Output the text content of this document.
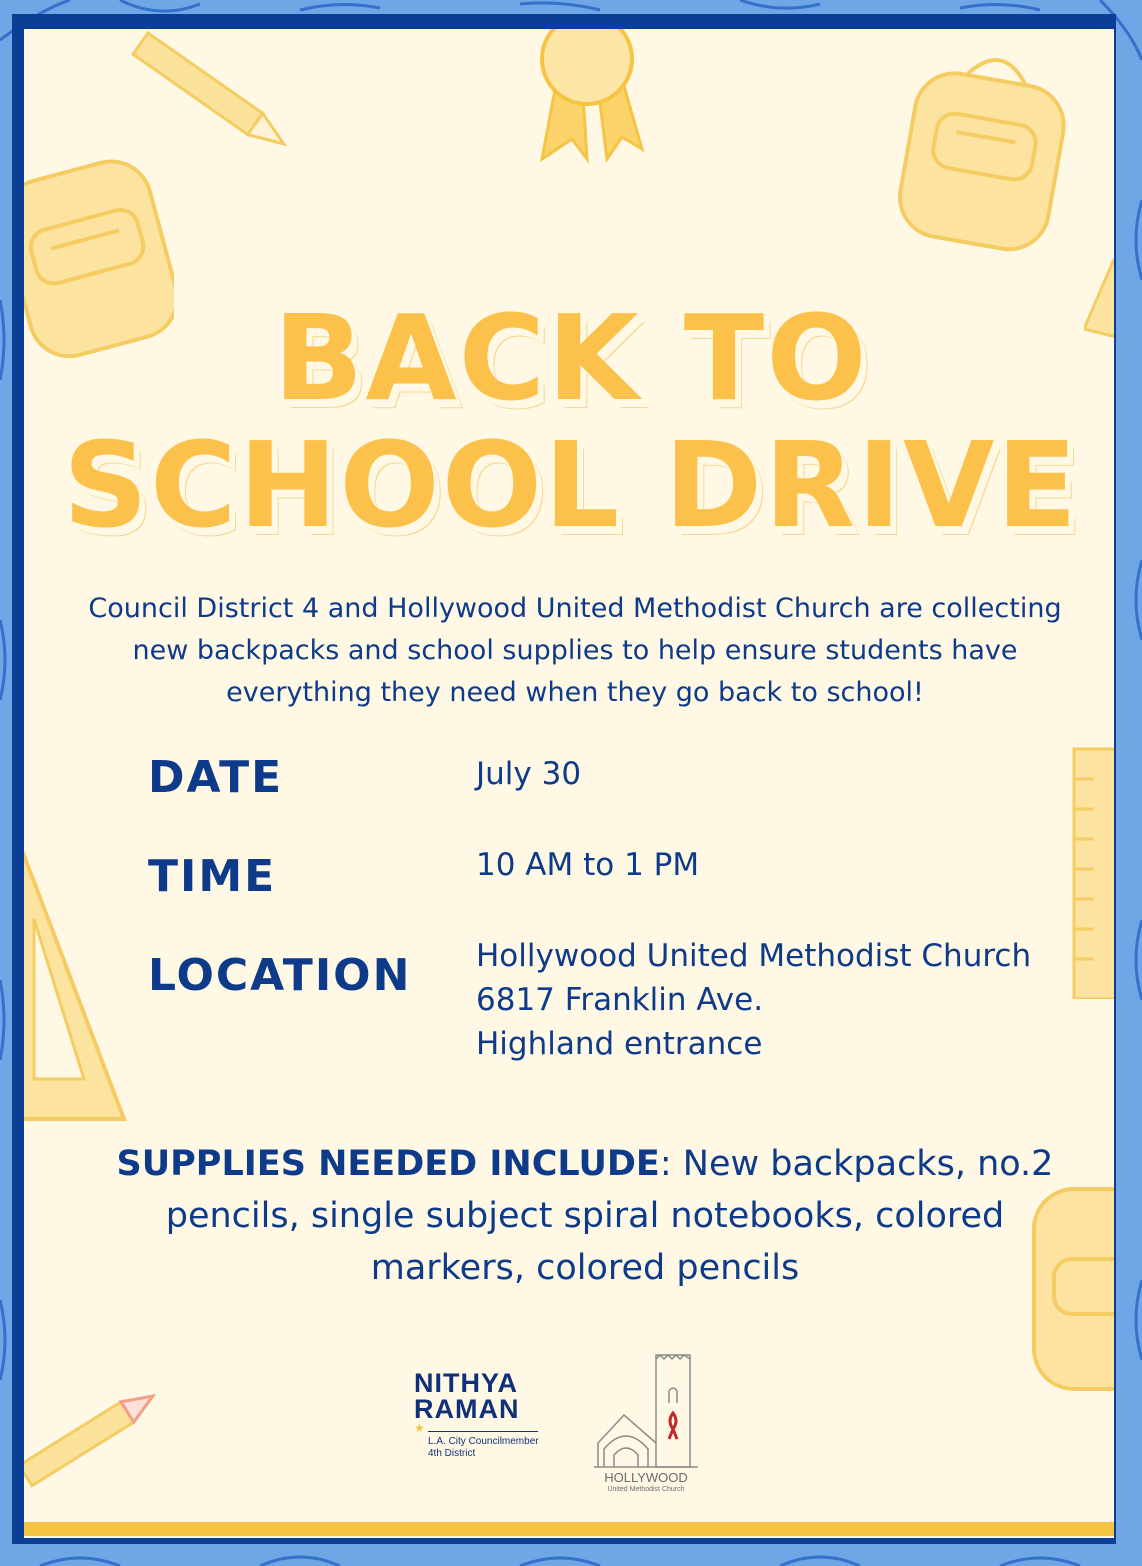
BACK TO
SCHOOL DRIVE
Council District 4 and Hollywood United Methodist Church are collecting new backpacks and school supplies to help ensure students have everything they need when they go back to school!
DATE	July 30
TIME	10 AM to 1 PM
LOCATION Hollywood United Methodist Church
6817 Franklin Ave.
Highland entrance
SUPPLIES NEEDED INCLUDE: New backpacks, no.2 pencils, single subject spiral notebooks, colored markers, colored pencils
NITHYA
RAMAN
★
L.A. City Councilmember
4th District
HOLLYWOOD
United Methodist Church
